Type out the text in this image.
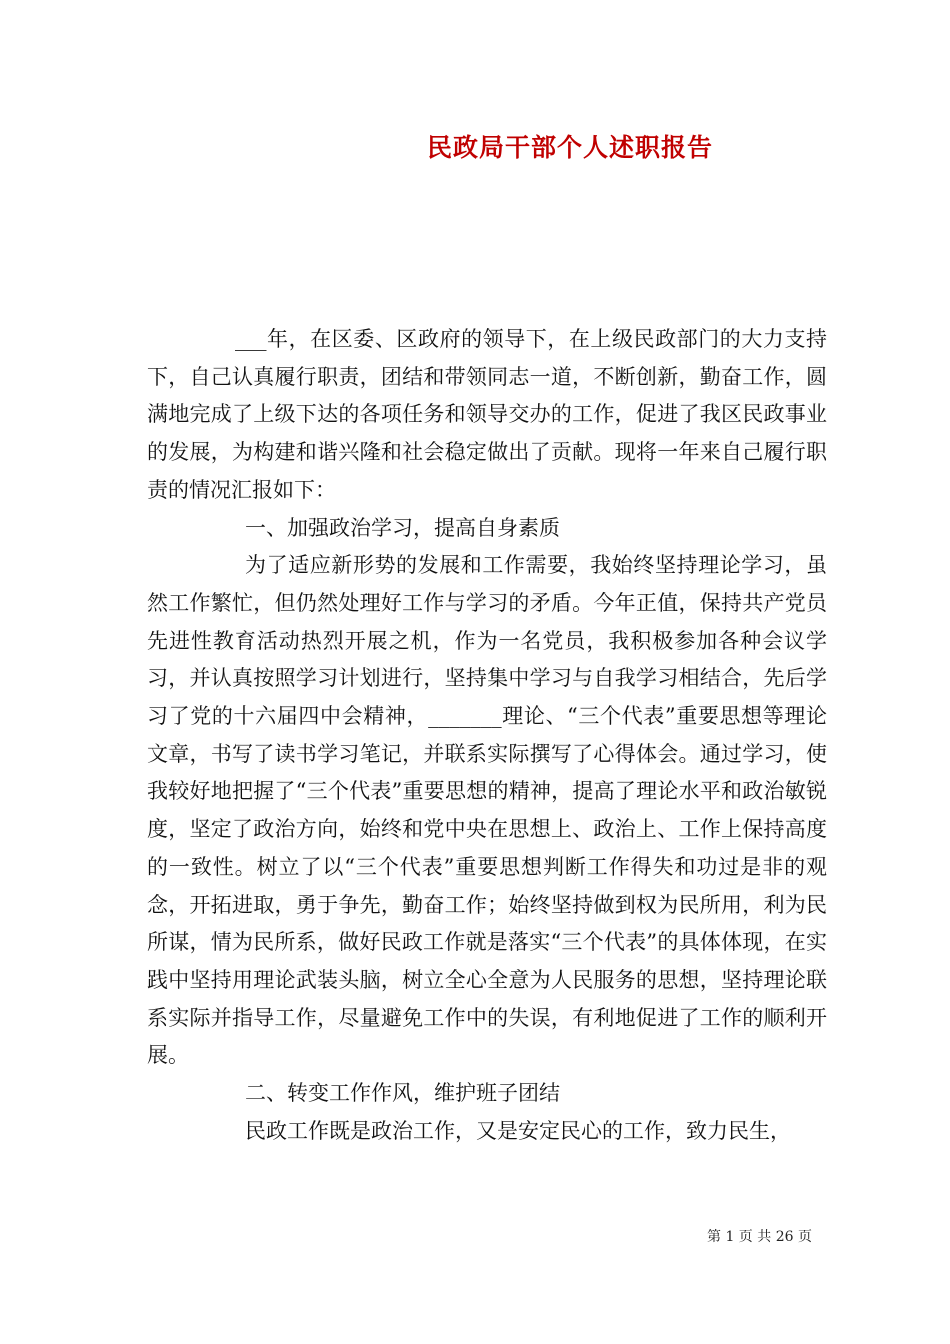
民政局干部个人述职报告

___年，在区委、区政府的领导下，在上级民政部门的大力支持下，自己认真履行职责，团结和带领同志一道，不断创新，勤奋工作，圆满地完成了上级下达的各项任务和领导交办的工作，促进了我区民政事业的发展，为构建和谐兴隆和社会稳定做出了贡献。现将一年来自己履行职责的情况汇报如下：

一、加强政治学习，提高自身素质

为了适应新形势的发展和工作需要，我始终坚持理论学习，虽然工作繁忙，但仍然处理好工作与学习的矛盾。今年正值，保持共产党员先进性教育活动热烈开展之机，作为一名党员，我积极参加各种会议学习，并认真按照学习计划进行，坚持集中学习与自我学习相结合，先后学习了党的十六届四中会精神，_______理论、“三个代表”重要思想等理论文章，书写了读书学习笔记，并联系实际撰写了心得体会。通过学习，使我较好地把握了“三个代表”重要思想的精神，提高了理论水平和政治敏锐度，坚定了政治方向，始终和党中央在思想上、政治上、工作上保持高度的一致性。树立了以“三个代表”重要思想判断工作得失和功过是非的观念，开拓进取，勇于争先，勤奋工作；始终坚持做到权为民所用，利为民所谋，情为民所系，做好民政工作就是落实“三个代表”的具体体现，在实践中坚持用理论武装头脑，树立全心全意为人民服务的思想，坚持理论联系实际并指导工作，尽量避免工作中的失误，有利地促进了工作的顺利开展。

二、转变工作作风，维护班子团结

民政工作既是政治工作，又是安定民心的工作，致力民生，

第 1 页 共 26 页
